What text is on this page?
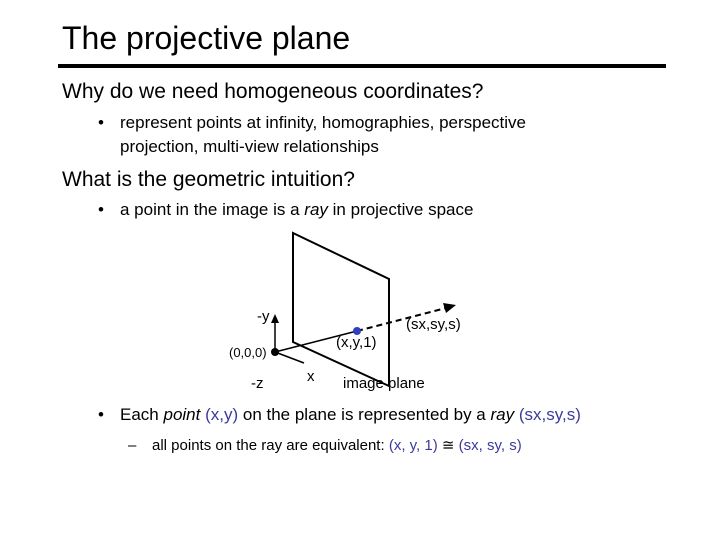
The projective plane
Why do we need homogeneous coordinates?
• represent points at infinity, homographies, perspective
projection, multi-view relationships
What is the geometric intuition?
• a point in the image is a ray in projective space
-y
(0,0,0)
-z	x
(x,y,1)
(sx,sy,s)
image plane
• Each point (x,y) on the plane is represented by a ray (sx,sy,s)
– all points on the ray are equivalent: (x, y, 1) ≅ (sx, sy, s)
